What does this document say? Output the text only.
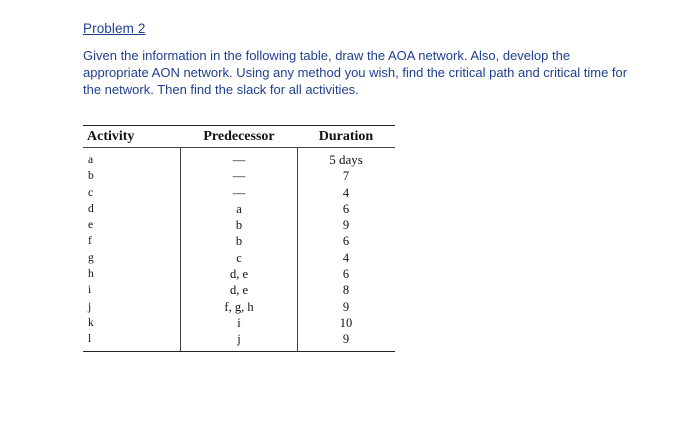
Problem 2
Given the information in the following table, draw the AOA network. Also, develop the appropriate AON network. Using any method you wish, find the critical path and critical time for the network. Then find the slack for all activities.
Activity	Predecessor	Duration
a
b
c
d
e
f
g
h
i
j
k
l
—
—
—
a
b
b
c
d, e
d, e
f, g, h
i
j
5 days
7
4
6
9
6
4
6
8
9
10
9
